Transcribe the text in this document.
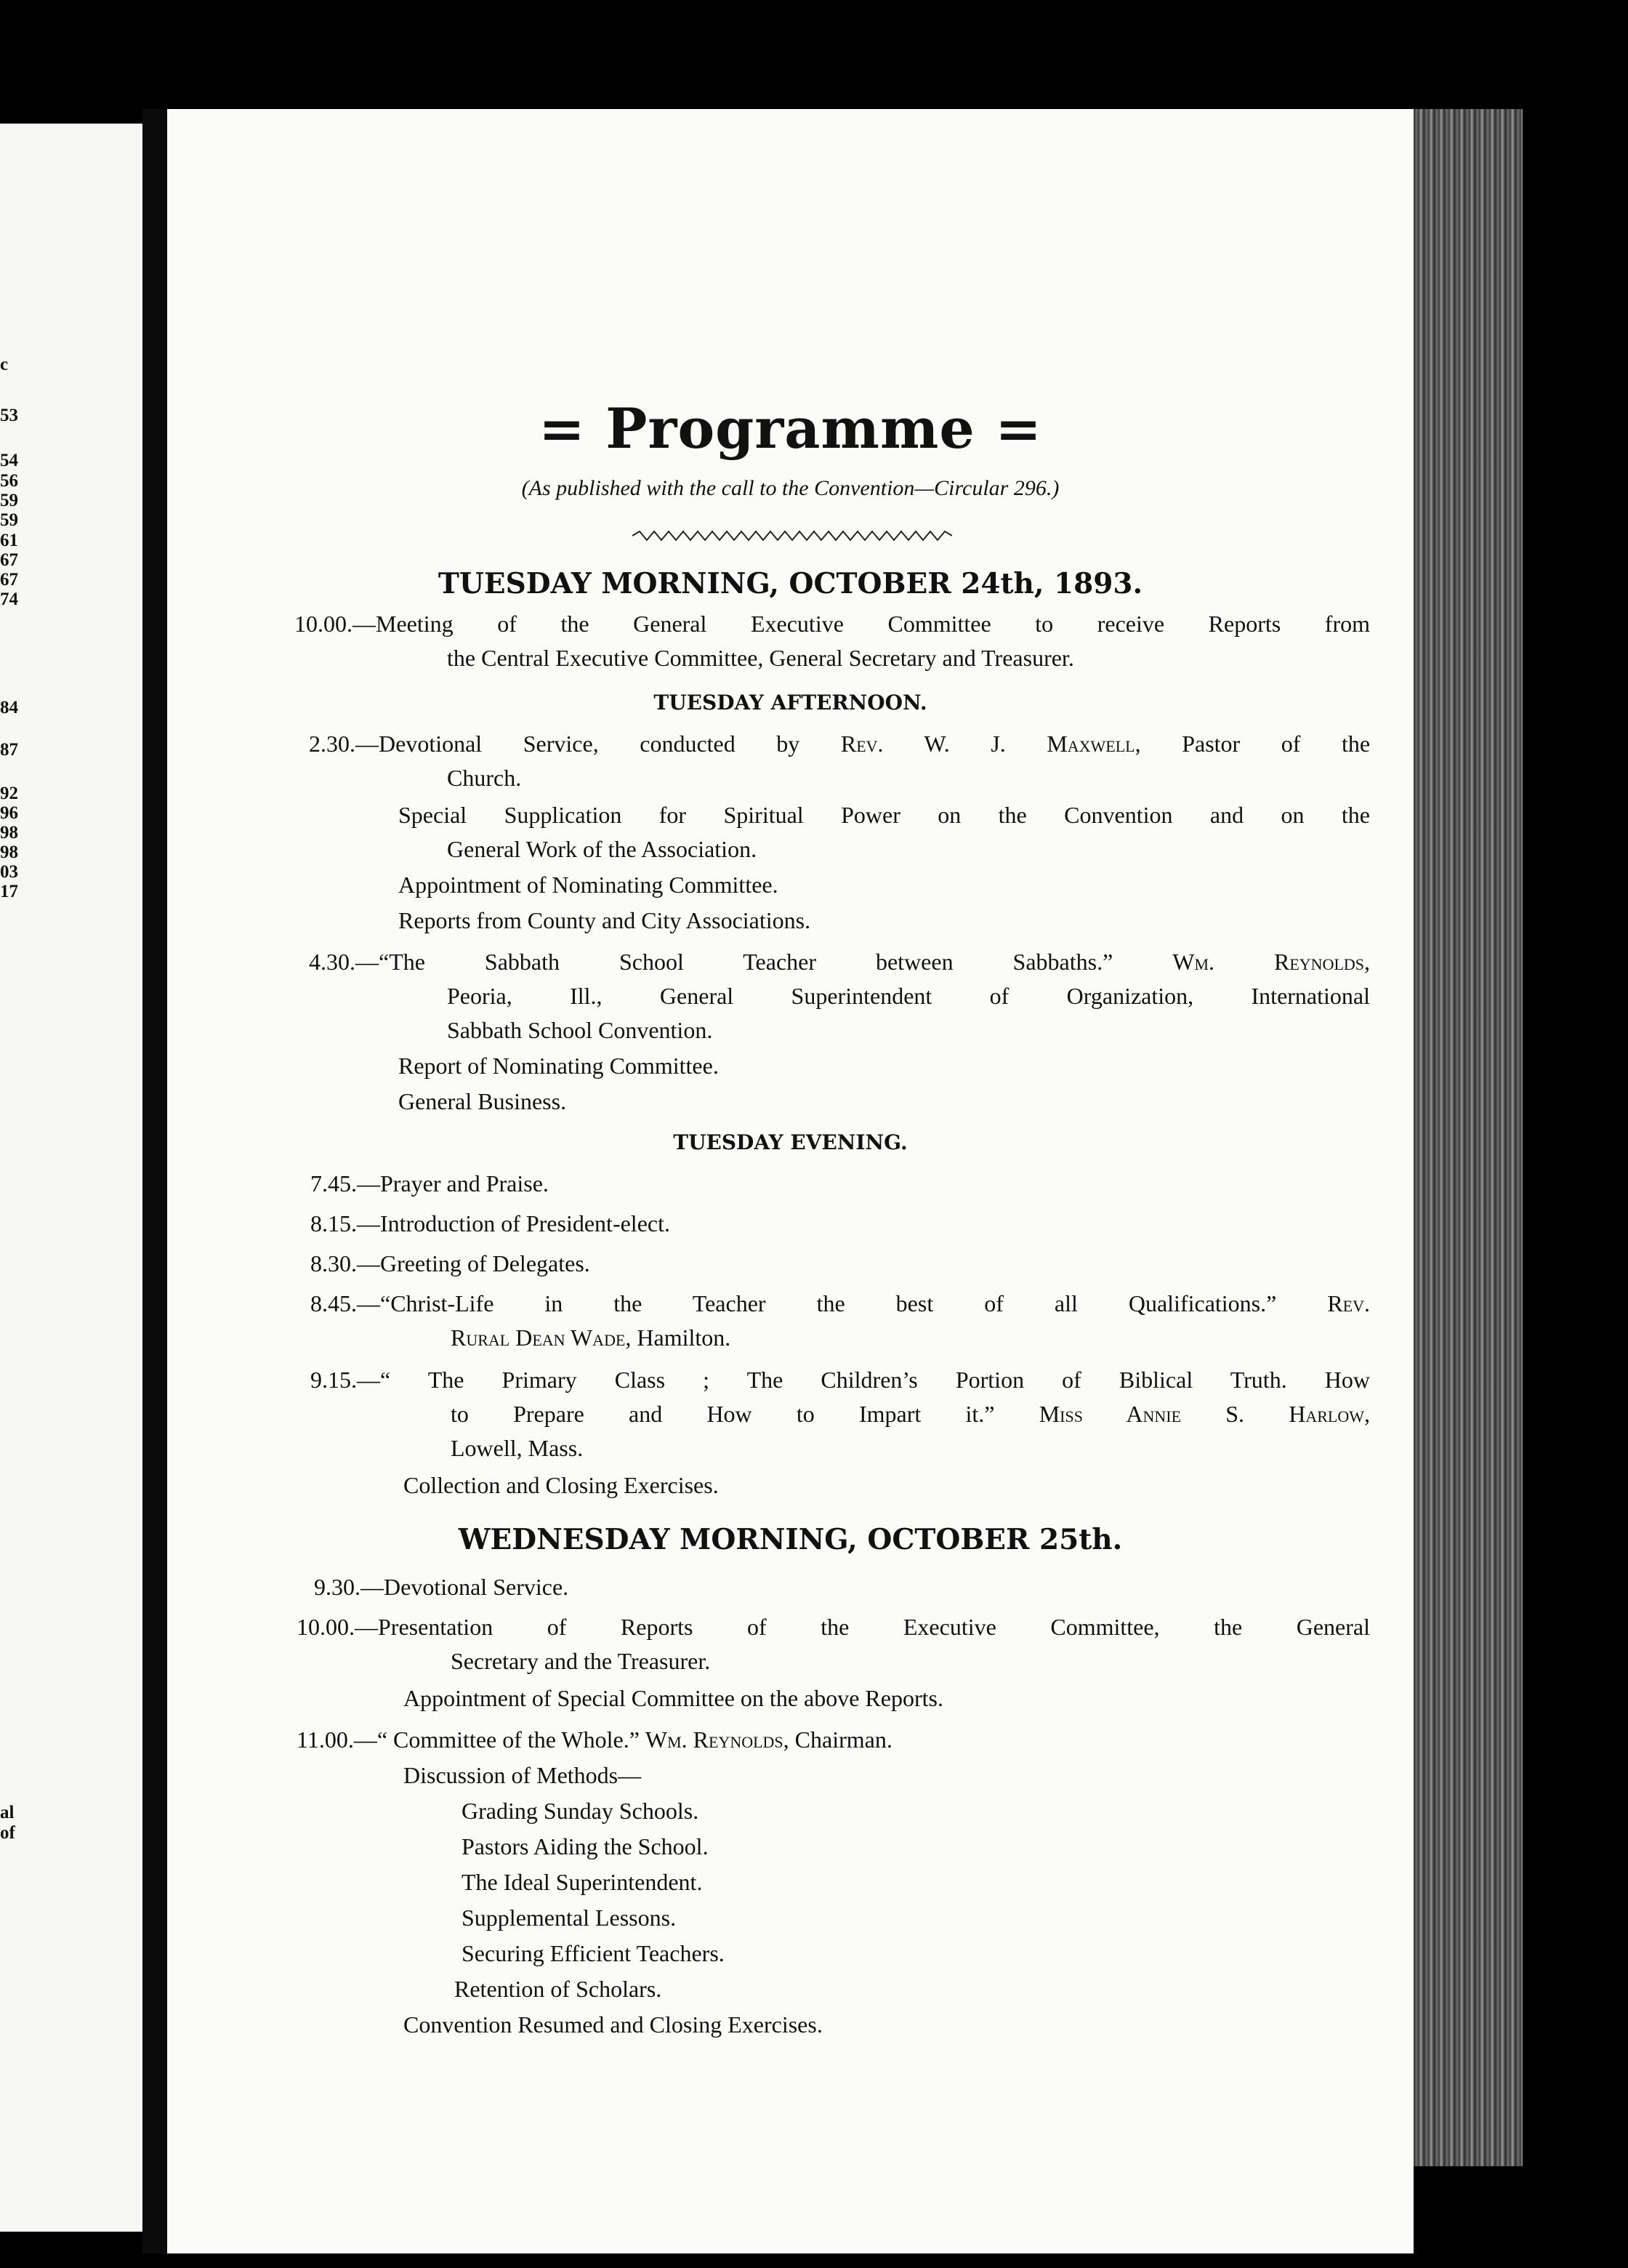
c
53
54
56
59
59
61
67
67
74
84
87
92
96
98
98
03
17
al
of
= Programme =
(As published with the call to the Convention—Circular 296.)
TUESDAY MORNING, OCTOBER 24th, 1893.
10.00.—Meeting of the General Executive Committee to receive Reports from
the Central Executive Committee, General Secretary and Treasurer.
TUESDAY AFTERNOON.
2.30.—Devotional Service, conducted by Rev. W. J. Maxwell, Pastor of the
Church.
Special Supplication for Spiritual Power on the Convention and on the
General Work of the Association.
Appointment of Nominating Committee.
Reports from County and City Associations.
4.30.—“The Sabbath School Teacher between Sabbaths.”	Wm. Reynolds,
Peoria, Ill., General Superintendent of Organization, International
Sabbath School Convention.
Report of Nominating Committee.
General Business.
TUESDAY EVENING.
7.45.—Prayer and Praise.
8.15.—Introduction of President-elect.
8.30.—Greeting of Delegates.
8.45.—“Christ-Life in the Teacher the best of all Qualifications.” Rev.
Rural Dean Wade, Hamilton.
9.15.—“ The Primary Class ; The Children’s Portion of Biblical Truth. How
to Prepare and How to Impart it.” Miss Annie S. Harlow,
Lowell, Mass.
Collection and Closing Exercises.
WEDNESDAY MORNING, OCTOBER 25th.
9.30.—Devotional Service.
10.00.—Presentation of Reports of the Executive Committee, the General
Secretary and the Treasurer.
Appointment of Special Committee on the above Reports.
11.00.—“ Committee of the Whole.” Wm. Reynolds, Chairman.
Discussion of Methods—
Grading Sunday Schools.
Pastors Aiding the School.
The Ideal Superintendent.
Supplemental Lessons.
Securing Efficient Teachers.
Retention of Scholars.
Convention Resumed and Closing Exercises.
